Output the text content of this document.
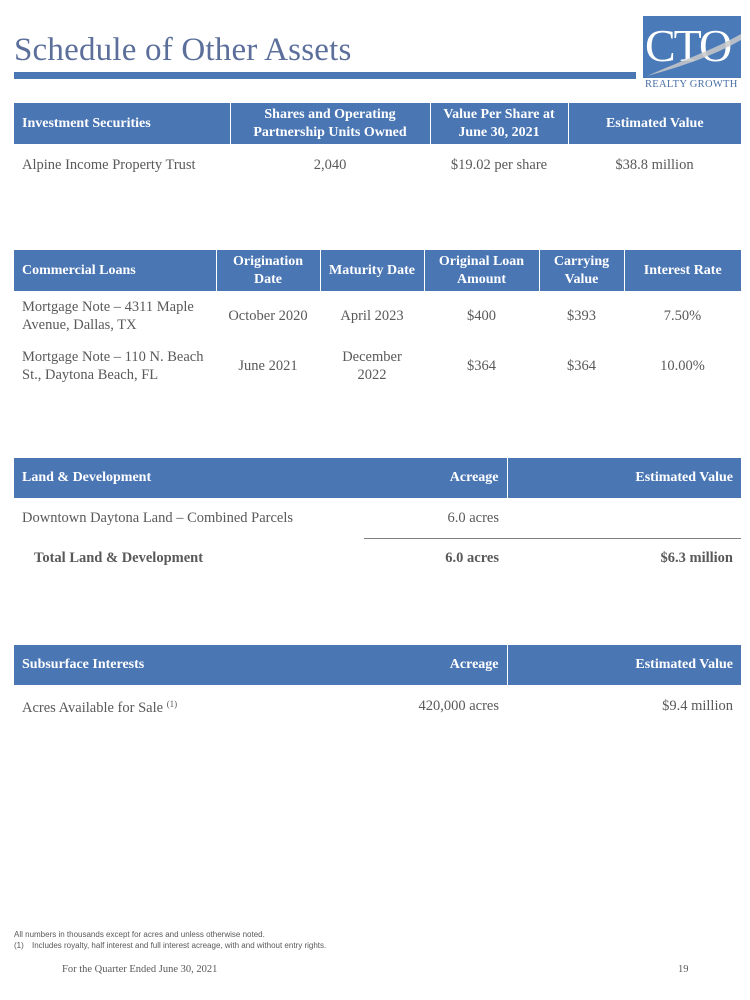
Schedule of Other Assets	CTO
REALTY GROWTH
Investment Securities	Shares and Operating Partnership Units Owned	Value Per Share at June 30, 2021	Estimated Value
Alpine Income Property Trust	2,040	$19.02 per share	$38.8 million
Commercial Loans	Origination Date	Maturity Date	Original Loan Amount	Carrying Value	Interest Rate
Mortgage Note – 4311 Maple Avenue, Dallas, TX	October 2020	April 2023	$400	$393	7.50%
Mortgage Note – 110 N. Beach St., Daytona Beach, FL	June 2021	December 2022	$364	$364	10.00%
Land & Development	Acreage	Estimated Value
Downtown Daytona Land – Combined Parcels	6.0 acres	
Total Land & Development	6.0 acres	$6.3 million
Subsurface Interests	Acreage	Estimated Value
Acres Available for Sale $^{(1)}$	420,000 acres	$9.4 million
All numbers in thousands except for acres and unless otherwise noted.
(1)	Includes royalty, half interest and full interest acreage, with and without entry rights.
For the Quarter Ended June 30, 2021	19
